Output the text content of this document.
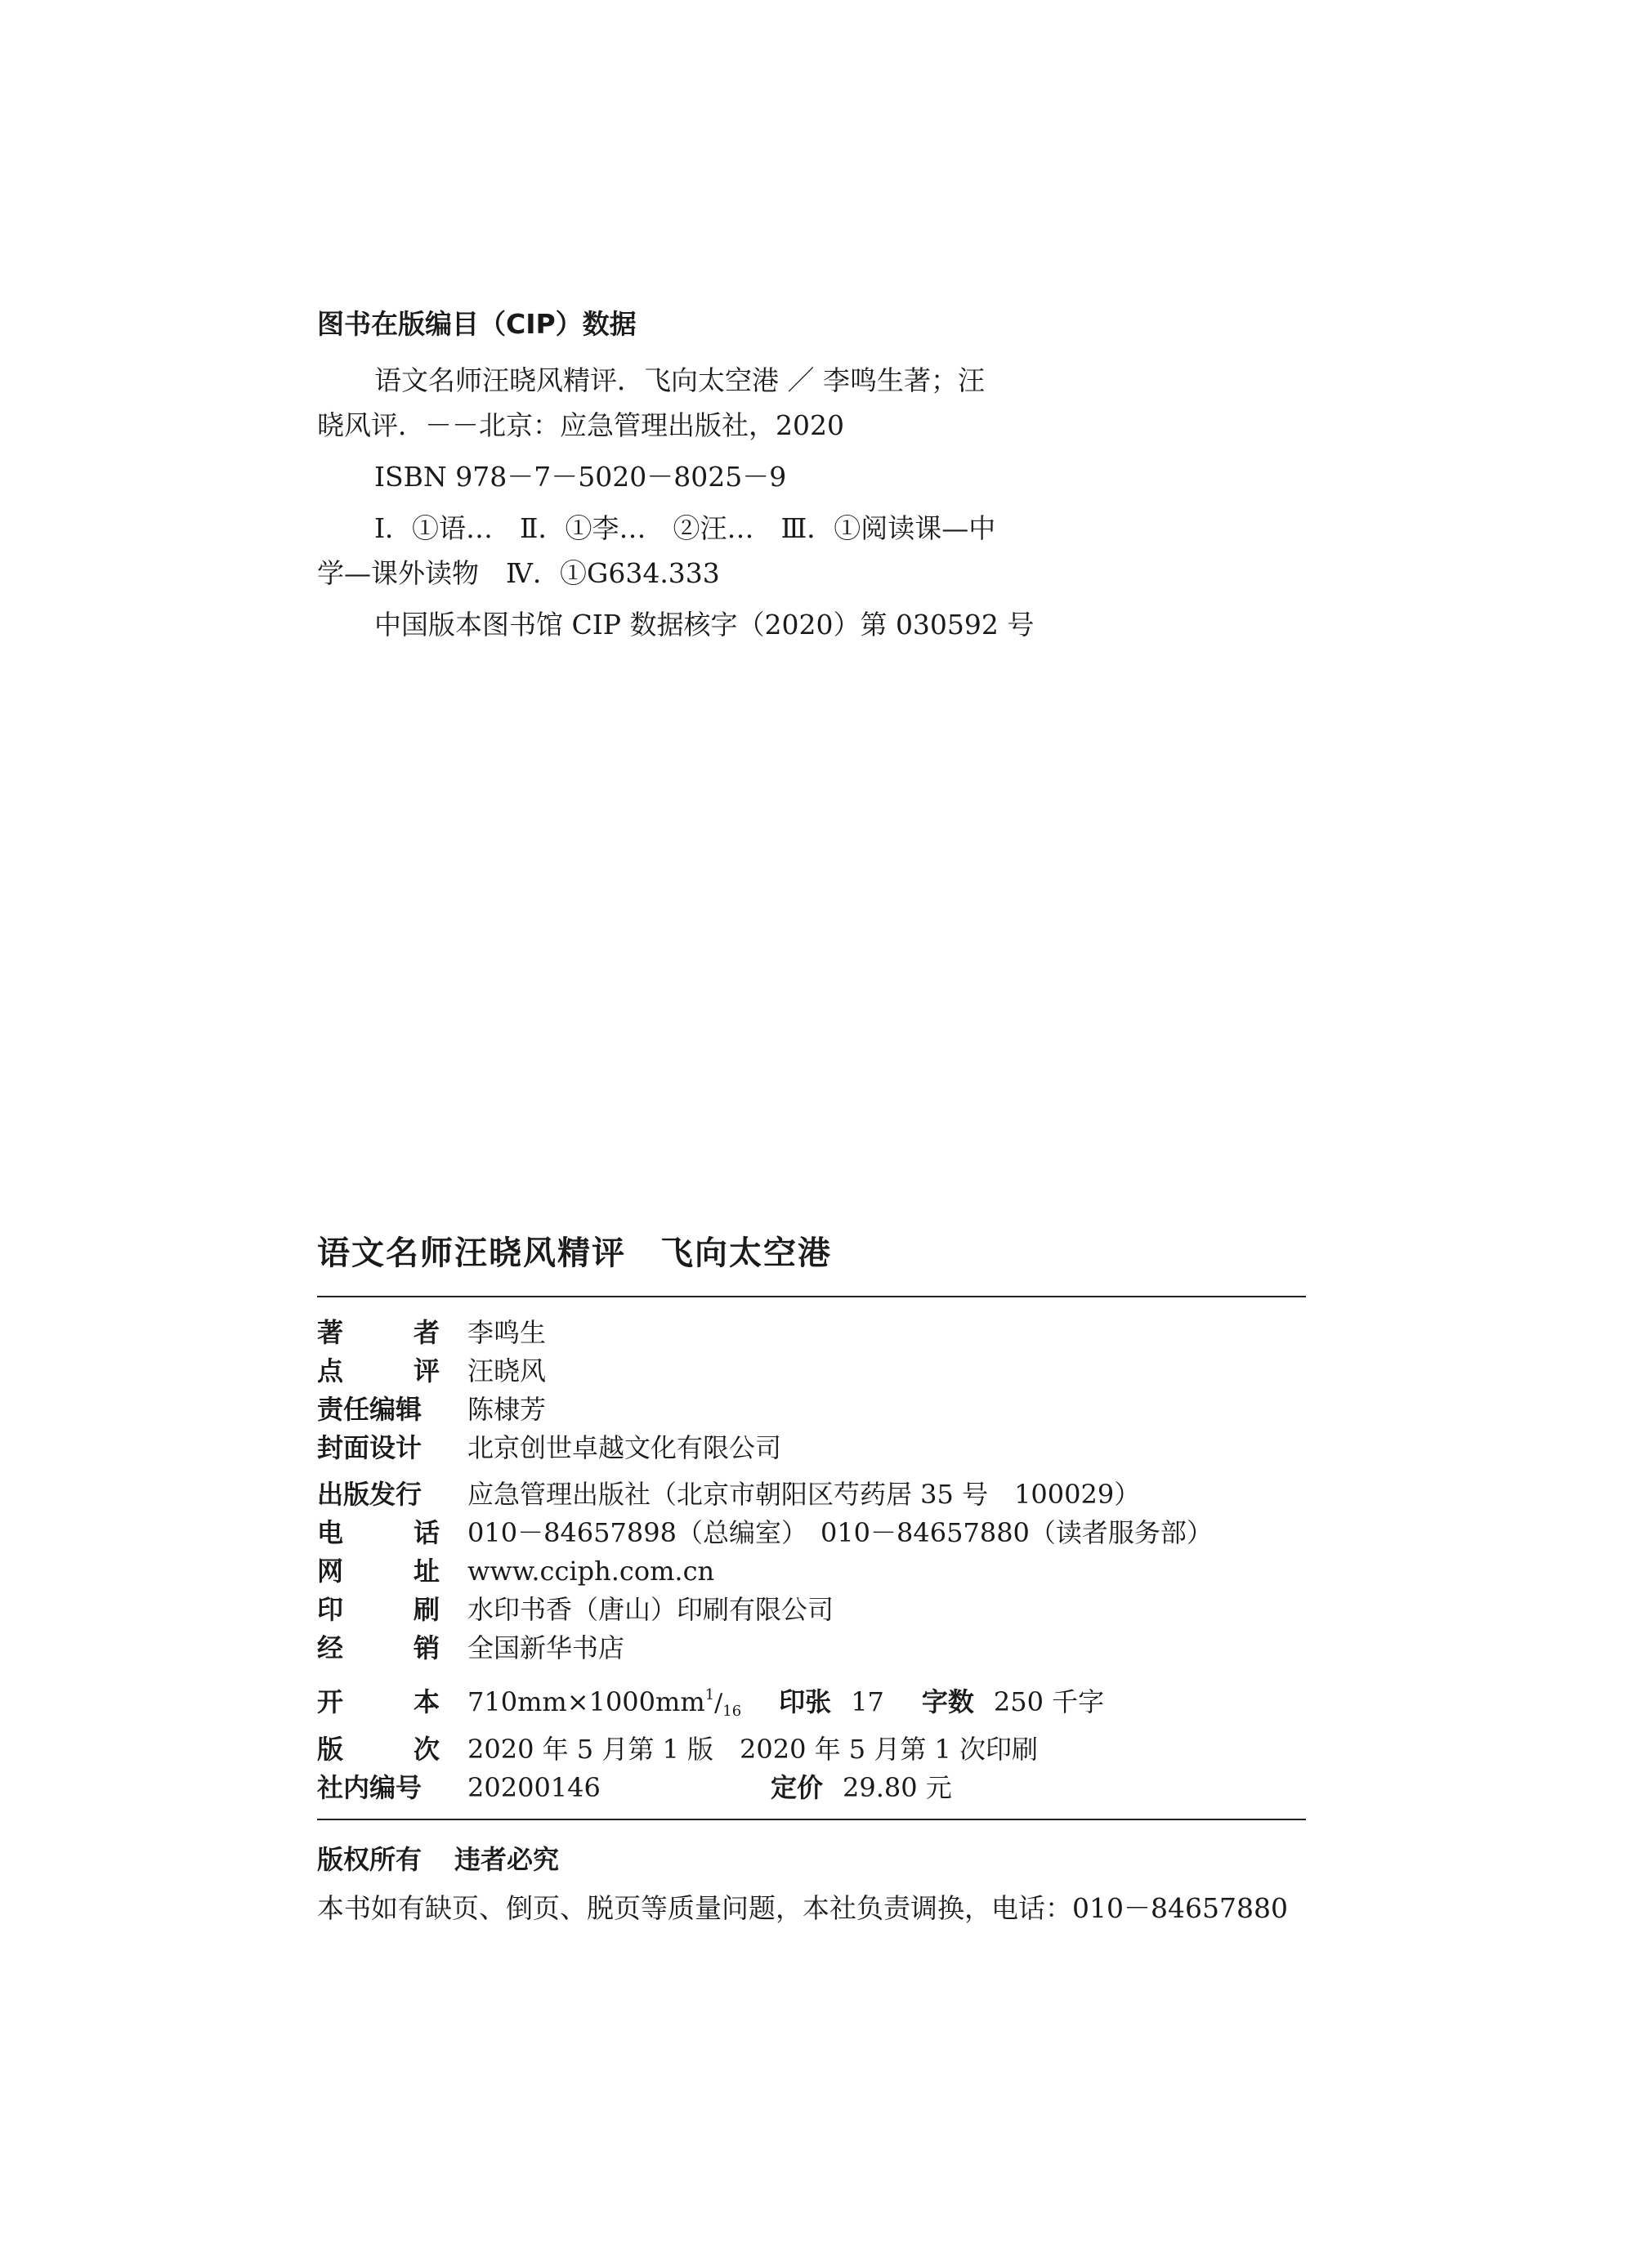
图书在版编目（CIP）数据

语文名师汪晓风精评．飞向太空港 ／ 李鸣生著；汪
晓风评．－－北京：应急管理出版社，2020

ISBN 978－7－5020－8025－9

Ⅰ．①语…　Ⅱ．①李…　②汪…　Ⅲ．①阅读课—中
学—课外读物　Ⅳ．①G634.333

中国版本图书馆 CIP 数据核字（2020）第 030592 号

语文名师汪晓风精评　飞向太空港
著	者 李鸣生
点	评 汪晓风
责任编辑	陈棣芳
封面设计	北京创世卓越文化有限公司
出版发行	应急管理出版社（北京市朝阳区芍药居 35 号　100029）
电	话 010－84657898（总编室）　010－84657880（读者服务部）
网	址 www.cciph.com.cn
印	刷 水印书香（唐山）印刷有限公司
经	销 全国新华书店
开	本 $710mm\times 1000mm^1/_{16}$ 印张 17 字数 250 千字
版	次 2020 年 5 月第 1 版　2020 年 5 月第 1 次印刷
社内编号	20200146	定价 29.80 元
版权所有 违者必究
本书如有缺页、倒页、脱页等质量问题，本社负责调换，电话：010－84657880
